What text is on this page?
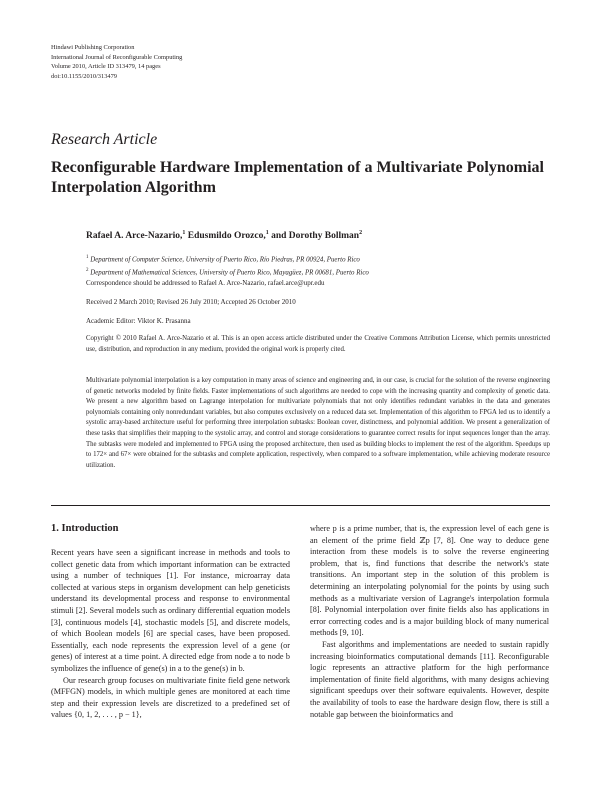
Hindawi Publishing Corporation
International Journal of Reconfigurable Computing
Volume 2010, Article ID 313479, 14 pages
doi:10.1155/2010/313479
Research Article
Reconfigurable Hardware Implementation of a Multivariate Polynomial Interpolation Algorithm
Rafael A. Arce-Nazario,$^1$ Edusmildo Orozco,$^1$ and Dorothy Bollman$^2$
$^1$ Department of Computer Science, University of Puerto Rico, Río Piedras, PR 00924, Puerto Rico
$^2$ Department of Mathematical Sciences, University of Puerto Rico, Mayagüez, PR 00681, Puerto Rico
Correspondence should be addressed to Rafael A. Arce-Nazario, rafael.arce@upr.edu
Received 2 March 2010; Revised 26 July 2010; Accepted 26 October 2010
Academic Editor: Viktor K. Prasanna
Copyright © 2010 Rafael A. Arce-Nazario et al. This is an open access article distributed under the Creative Commons Attribution License, which permits unrestricted use, distribution, and reproduction in any medium, provided the original work is properly cited.
Multivariate polynomial interpolation is a key computation in many areas of science and engineering and, in our case, is crucial for the solution of the reverse engineering of genetic networks modeled by finite fields. Faster implementations of such algorithms are needed to cope with the increasing quantity and complexity of genetic data. We present a new algorithm based on Lagrange interpolation for multivariate polynomials that not only identifies redundant variables in the data and generates polynomials containing only nonredundant variables, but also computes exclusively on a reduced data set. Implementation of this algorithm to FPGA led us to identify a systolic array-based architecture useful for performing three interpolation subtasks: Boolean cover, distinctness, and polynomial addition. We present a generalization of these tasks that simplifies their mapping to the systolic array, and control and storage considerations to guarantee correct results for input sequences longer than the array. The subtasks were modeled and implemented to FPGA using the proposed architecture, then used as building blocks to implement the rest of the algorithm. Speedups up to 172× and 67× were obtained for the subtasks and complete application, respectively, when compared to a software implementation, while achieving moderate resource utilization.
1. Introduction

Recent years have seen a significant increase in methods and tools to collect genetic data from which important information can be extracted using a number of techniques [1]. For instance, microarray data collected at various steps in organism development can help geneticists understand its developmental process and response to environmental stimuli [2]. Several models such as ordinary differential equation models [3], continuous models [4], stochastic models [5], and discrete models, of which Boolean models [6] are special cases, have been proposed. Essentially, each node represents the expression level of a gene (or genes) of interest at a time point. A directed edge from node a to node b symbolizes the influence of gene(s) in a to the gene(s) in b.

Our research group focuses on multivariate finite field gene network (MFFGN) models, in which multiple genes are monitored at each time step and their expression levels are discretized to a predefined set of values {0, 1, 2, . . . , p − 1},

where p is a prime number, that is, the expression level of each gene is an element of the prime field ℤp [7, 8]. One way to deduce gene interaction from these models is to solve the reverse engineering problem, that is, find functions that describe the network's state transitions. An important step in the solution of this problem is determining an interpolating polynomial for the points by using such methods as a multivariate version of Lagrange's interpolation formula [8]. Polynomial interpolation over finite fields also has applications in error correcting codes and is a major building block of many numerical methods [9, 10].

Fast algorithms and implementations are needed to sustain rapidly increasing bioinformatics computational demands [11]. Reconfigurable logic represents an attractive platform for the high performance implementation of finite field algorithms, with many designs achieving significant speedups over their software equivalents. However, despite the availability of tools to ease the hardware design flow, there is still a notable gap between the bioinformatics and
